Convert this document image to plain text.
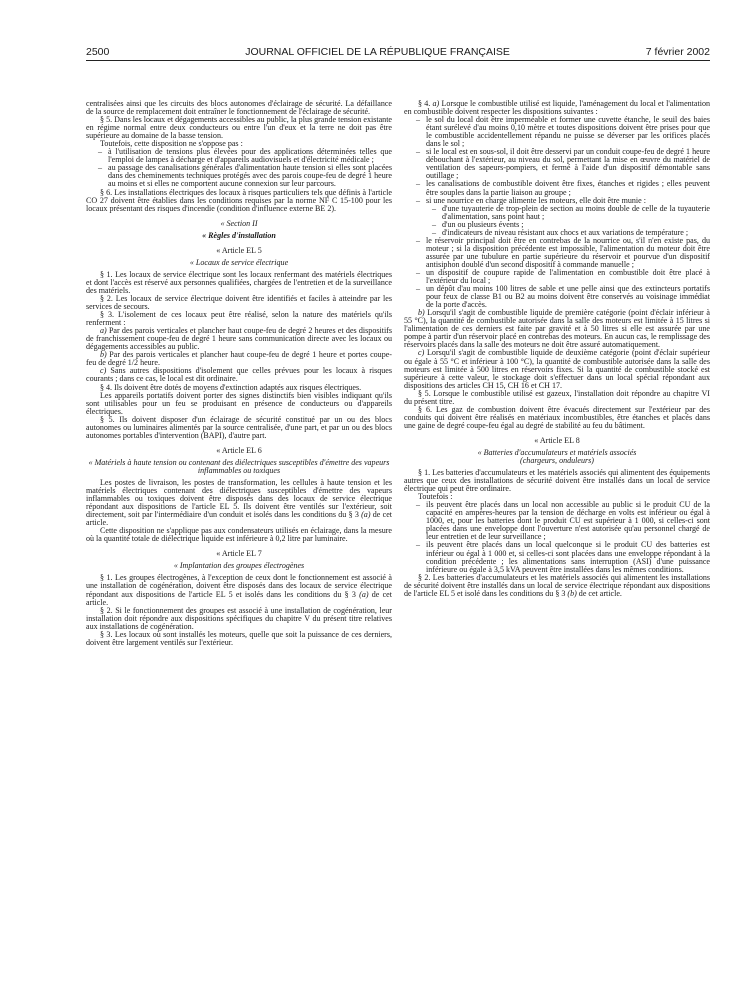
2500	JOURNAL OFFICIEL DE LA RÉPUBLIQUE FRANÇAISE	7 février 2002

centralisées ainsi que les circuits des blocs autonomes d'éclairage de sécurité. La défaillance de la source de remplacement doit entraîner le fonctionnement de l'éclairage de sécurité.

§ 5. Dans les locaux et dégagements accessibles au public, la plus grande tension existante en régime normal entre deux conducteurs ou entre l'un d'eux et la terre ne doit pas être supérieure au domaine de la basse tension.

Toutefois, cette disposition ne s'oppose pas :

– à l'utilisation de tensions plus élevées pour des applications déterminées telles que l'emploi de lampes à décharge et d'appareils audiovisuels et d'électricité médicale ;
– au passage des canalisations générales d'alimentation haute tension si elles sont placées dans des cheminements techniques protégés avec des parois coupe-feu de degré 1 heure au moins et si elles ne comportent aucune connexion sur leur parcours.

§ 6. Les installations électriques des locaux à risques particuliers tels que définis à l'article CO 27 doivent être établies dans les conditions requises par la norme NF C 15-100 pour les locaux présentant des risques d'incendie (condition d'influence externe BE 2).

« Section II
« Règles d'installation
« Article EL 5
« Locaux de service électrique

§ 1. Les locaux de service électrique sont les locaux renfermant des matériels électriques et dont l'accès est réservé aux personnes qualifiées, chargées de l'entretien et de la surveillance des matériels.

§ 2. Les locaux de service électrique doivent être identifiés et faciles à atteindre par les services de secours.

§ 3. L'isolement de ces locaux peut être réalisé, selon la nature des matériels qu'ils renferment :

a) Par des parois verticales et plancher haut coupe-feu de degré 2 heures et des dispositifs de franchissement coupe-feu de degré 1 heure sans communication directe avec les locaux ou dégagements accessibles au public.

b) Par des parois verticales et plancher haut coupe-feu de degré 1 heure et portes coupe-feu de degré 1/2 heure.

c) Sans autres dispositions d'isolement que celles prévues pour les locaux à risques courants ; dans ce cas, le local est dit ordinaire.

§ 4. Ils doivent être dotés de moyens d'extinction adaptés aux risques électriques.

Les appareils portatifs doivent porter des signes distinctifs bien visibles indiquant qu'ils sont utilisables pour un feu se produisant en présence de conducteurs ou d'appareils électriques.

§ 5. Ils doivent disposer d'un éclairage de sécurité constitué par un ou des blocs autonomes ou luminaires alimentés par la source centralisée, d'une part, et par un ou des blocs autonomes portables d'intervention (BAPI), d'autre part.

« Article EL 6
« Matériels à haute tension ou contenant des diélectriques susceptibles d'émettre des vapeurs inflammables ou toxiques

Les postes de livraison, les postes de transformation, les cellules à haute tension et les matériels électriques contenant des diélectriques susceptibles d'émettre des vapeurs inflammables ou toxiques doivent être disposés dans des locaux de service électrique répondant aux dispositions de l'article EL 5. Ils doivent être ventilés sur l'extérieur, soit directement, soit par l'intermédiaire d'un conduit et isolés dans les conditions du § 3 (a) de cet article.

Cette disposition ne s'applique pas aux condensateurs utilisés en éclairage, dans la mesure où la quantité totale de diélectrique liquide est inférieure à 0,2 litre par luminaire.

« Article EL 7
« Implantation des groupes électrogènes

§ 1. Les groupes électrogènes, à l'exception de ceux dont le fonctionnement est associé à une installation de cogénération, doivent être disposés dans des locaux de service électrique répondant aux dispositions de l'article EL 5 et isolés dans les conditions du § 3 (a) de cet article.

§ 2. Si le fonctionnement des groupes est associé à une installation de cogénération, leur installation doit répondre aux dispositions spécifiques du chapitre V du présent titre relatives aux installations de cogénération.

§ 3. Les locaux où sont installés les moteurs, quelle que soit la puissance de ces derniers, doivent être largement ventilés sur l'extérieur.

§ 4. a) Lorsque le combustible utilisé est liquide, l'aménagement du local et l'alimentation en combustible doivent respecter les dispositions suivantes :

– le sol du local doit être imperméable et former une cuvette étanche, le seuil des baies étant surélevé d'au moins 0,10 mètre et toutes dispositions doivent être prises pour que le combustible accidentellement répandu ne puisse se déverser par les orifices placés dans le sol ;
– si le local est en sous-sol, il doit être desservi par un conduit coupe-feu de degré 1 heure débouchant à l'extérieur, au niveau du sol, permettant la mise en œuvre du matériel de ventilation des sapeurs-pompiers, et fermé à l'aide d'un dispositif démontable sans outillage ;
– les canalisations de combustible doivent être fixes, étanches et rigides ; elles peuvent être souples dans la partie liaison au groupe ;
– si une nourrice en charge alimente les moteurs, elle doit être munie :
– d'une tuyauterie de trop-plein de section au moins double de celle de la tuyauterie d'alimentation, sans point haut ;
– d'un ou plusieurs évents ;
– d'indicateurs de niveau résistant aux chocs et aux variations de température ;
– le réservoir principal doit être en contrebas de la nourrice ou, s'il n'en existe pas, du moteur ; si la disposition précédente est impossible, l'alimentation du moteur doit être assurée par une tubulure en partie supérieure du réservoir et pourvue d'un dispositif antisiphon doublé d'un second dispositif à commande manuelle ;
– un dispositif de coupure rapide de l'alimentation en combustible doit être placé à l'extérieur du local ;
– un dépôt d'au moins 100 litres de sable et une pelle ainsi que des extincteurs portatifs pour feux de classe B1 ou B2 au moins doivent être conservés au voisinage immédiat de la porte d'accès.

b) Lorsqu'il s'agit de combustible liquide de première catégorie (point d'éclair inférieur à 55 °C), la quantité de combustible autorisée dans la salle des moteurs est limitée à 15 litres si l'alimentation de ces derniers est faite par gravité et à 50 litres si elle est assurée par une pompe à partir d'un réservoir placé en contrebas des moteurs. En aucun cas, le remplissage des réservoirs placés dans la salle des moteurs ne doit être assuré automatiquement.

c) Lorsqu'il s'agit de combustible liquide de deuxième catégorie (point d'éclair supérieur ou égale à 55 °C et inférieur à 100 °C), la quantité de combustible autorisée dans la salle des moteurs est limitée à 500 litres en réservoirs fixes. Si la quantité de combustible stocké est supérieure à cette valeur, le stockage doit s'effectuer dans un local spécial répondant aux dispositions des articles CH 15, CH 16 et CH 17.

§ 5. Lorsque le combustible utilisé est gazeux, l'installation doit répondre au chapitre VI du présent titre.

§ 6. Les gaz de combustion doivent être évacués directement sur l'extérieur par des conduits qui doivent être réalisés en matériaux incombustibles, être étanches et placés dans une gaine de degré coupe-feu égal au degré de stabilité au feu du bâtiment.

« Article EL 8
« Batteries d'accumulateurs et matériels associés
(chargeurs, onduleurs)

§ 1. Les batteries d'accumulateurs et les matériels associés qui alimentent des équipements autres que ceux des installations de sécurité doivent être installés dans un local de service électrique qui peut être ordinaire.

Toutefois :

– ils peuvent être placés dans un local non accessible au public si le produit CU de la capacité en ampères-heures par la tension de décharge en volts est inférieur ou égal à 1000, et, pour les batteries dont le produit CU est supérieur à 1 000, si celles-ci sont placées dans une enveloppe dont l'ouverture n'est autorisée qu'au personnel chargé de leur entretien et de leur surveillance ;
– ils peuvent être placés dans un local quelconque si le produit CU des batteries est inférieur ou égal à 1 000 et, si celles-ci sont placées dans une enveloppe répondant à la condition précédente ; les alimentations sans interruption (ASI) d'une puissance inférieure ou égale à 3,5 kVA peuvent être installées dans les mêmes conditions.

§ 2. Les batteries d'accumulateurs et les matériels associés qui alimentent les installations de sécurité doivent être installés dans un local de service électrique répondant aux dispositions de l'article EL 5 et isolé dans les conditions du § 3 (b) de cet article.
